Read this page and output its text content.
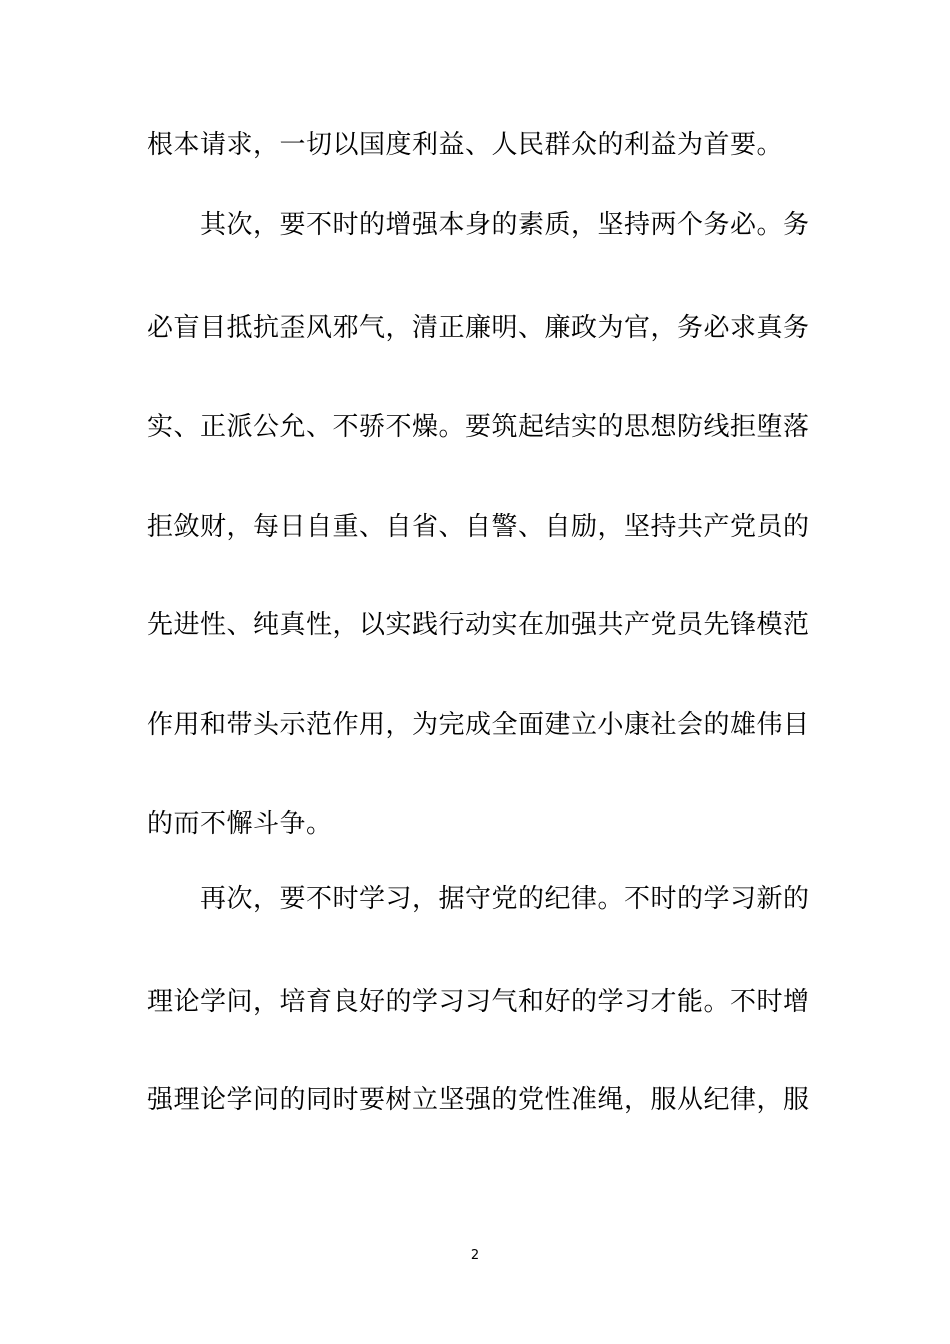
根本请求，一切以国度利益、人民群众的利益为首要。
其次，要不时的增强本身的素质，坚持两个务必。务
必盲目抵抗歪风邪气，清正廉明、廉政为官，务必求真务
实、正派公允、不骄不燥。要筑起结实的思想防线拒堕落
拒敛财，每日自重、自省、自警、自励，坚持共产党员的
先进性、纯真性，以实践行动实在加强共产党员先锋模范
作用和带头示范作用，为完成全面建立小康社会的雄伟目
的而不懈斗争。
再次，要不时学习，据守党的纪律。不时的学习新的
理论学问，培育良好的学习习气和好的学习才能。不时增
强理论学问的同时要树立坚强的党性准绳，服从纪律，服
2
